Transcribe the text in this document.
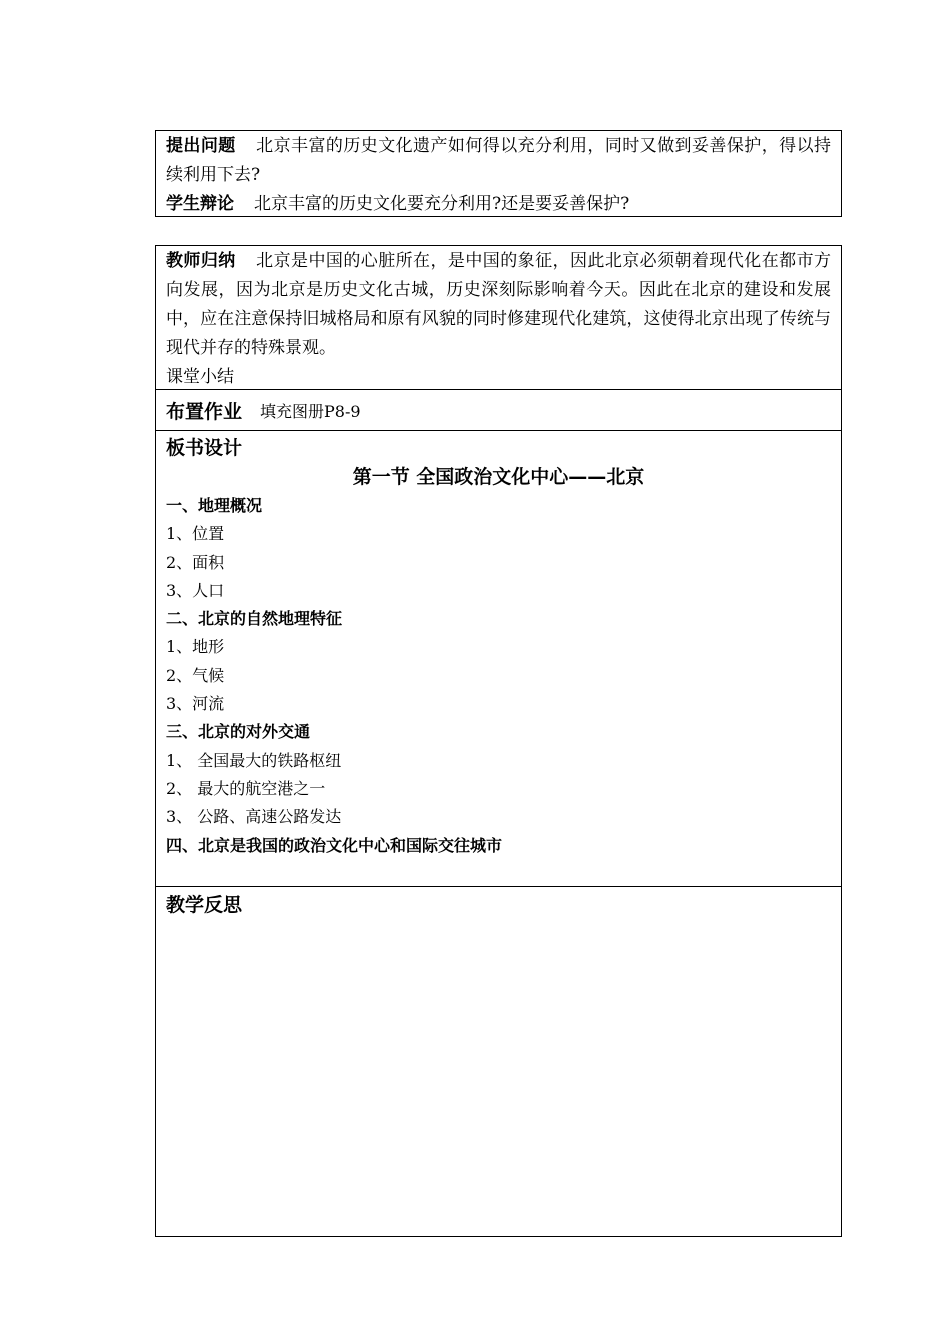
提出问题 北京丰富的历史文化遗产如何得以充分利用，同时又做到妥善保护，得以持续利用下去?

学生辩论 北京丰富的历史文化要充分利用?还是要妥善保护?

教师归纳 北京是中国的心脏所在，是中国的象征，因此北京必须朝着现代化在都市方向发展，因为北京是历史文化古城，历史深刻际影响着今天。因此在北京的建设和发展中，应在注意保持旧城格局和原有风貌的同时修建现代化建筑，这使得北京出现了传统与现代并存的特殊景观。

课堂小结

布置作业 填充图册P8-9
板书设计

第一节 全国政治文化中心——北京

一、地理概况

1、位置

2、面积

3、人口

二、北京的自然地理特征

1、地形

2、气候

3、河流

三、北京的对外交通

1、 全国最大的铁路枢纽

2、 最大的航空港之一

3、 公路、高速公路发达

四、北京是我国的政治文化中心和国际交往城市

教学反思
